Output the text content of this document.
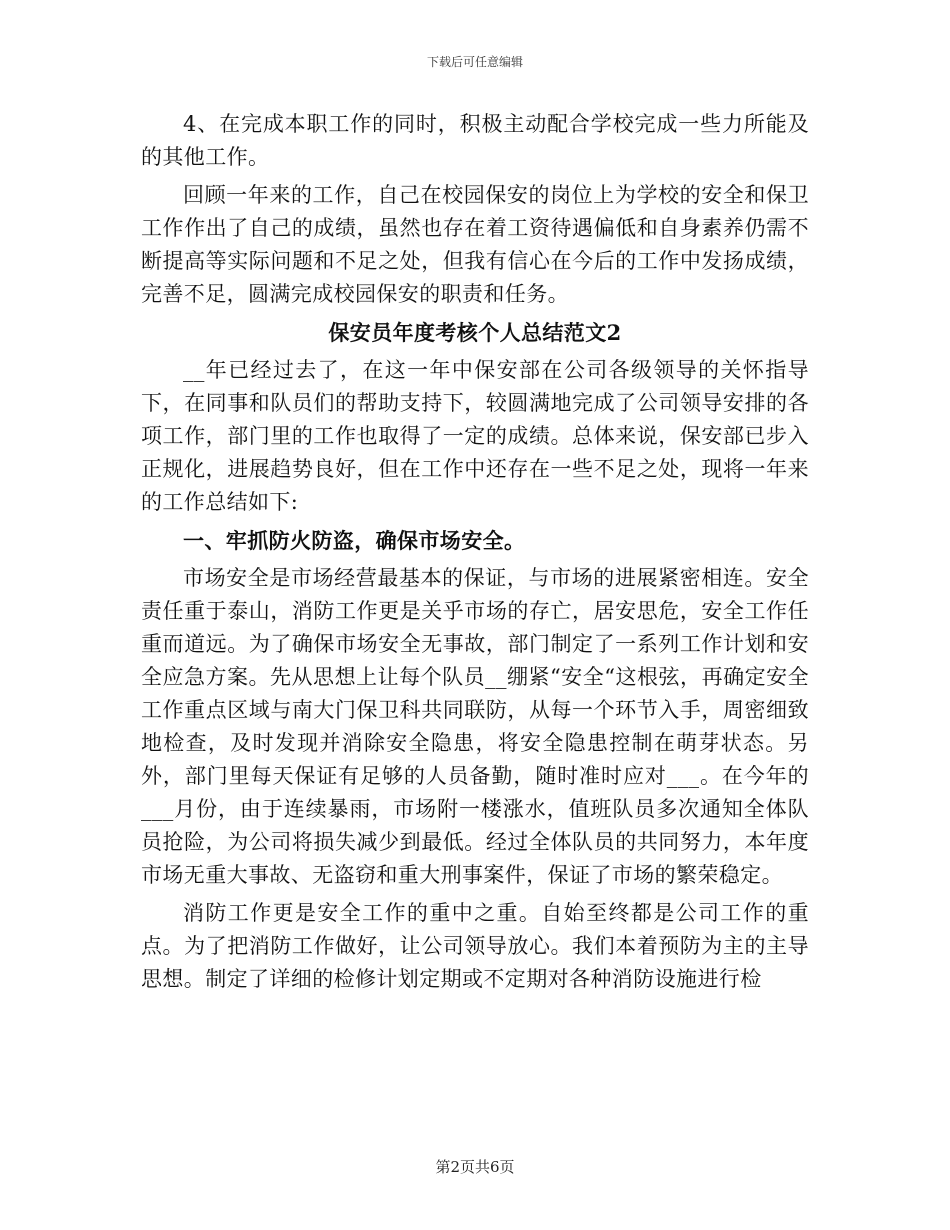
下载后可任意编辑

4、在完成本职工作的同时，积极主动配合学校完成一些力所能及的其他工作。

回顾一年来的工作，自己在校园保安的岗位上为学校的安全和保卫工作作出了自己的成绩，虽然也存在着工资待遇偏低和自身素养仍需不断提高等实际问题和不足之处，但我有信心在今后的工作中发扬成绩，完善不足，圆满完成校园保安的职责和任务。

保安员年度考核个人总结范文2

__年已经过去了，在这一年中保安部在公司各级领导的关怀指导下，在同事和队员们的帮助支持下，较圆满地完成了公司领导安排的各项工作，部门里的工作也取得了一定的成绩。总体来说，保安部已步入正规化，进展趋势良好，但在工作中还存在一些不足之处，现将一年来的工作总结如下:

一、牢抓防火防盗，确保市场安全。

市场安全是市场经营最基本的保证，与市场的进展紧密相连。安全责任重于泰山，消防工作更是关乎市场的存亡，居安思危，安全工作任重而道远。为了确保市场安全无事故，部门制定了一系列工作计划和安全应急方案。先从思想上让每个队员__绷紧“安全“这根弦，再确定安全工作重点区域与南大门保卫科共同联防，从每一个环节入手，周密细致地检查，及时发现并消除安全隐患，将安全隐患控制在萌芽状态。另外，部门里每天保证有足够的人员备勤，随时准时应对___。在今年的___月份，由于连续暴雨，市场附一楼涨水，值班队员多次通知全体队员抢险，为公司将损失减少到最低。经过全体队员的共同努力，本年度市场无重大事故、无盗窃和重大刑事案件，保证了市场的繁荣稳定。

消防工作更是安全工作的重中之重。自始至终都是公司工作的重点。为了把消防工作做好，让公司领导放心。我们本着预防为主的主导思想。制定了详细的检修计划定期或不定期对各种消防设施进行检

第2页共6页
